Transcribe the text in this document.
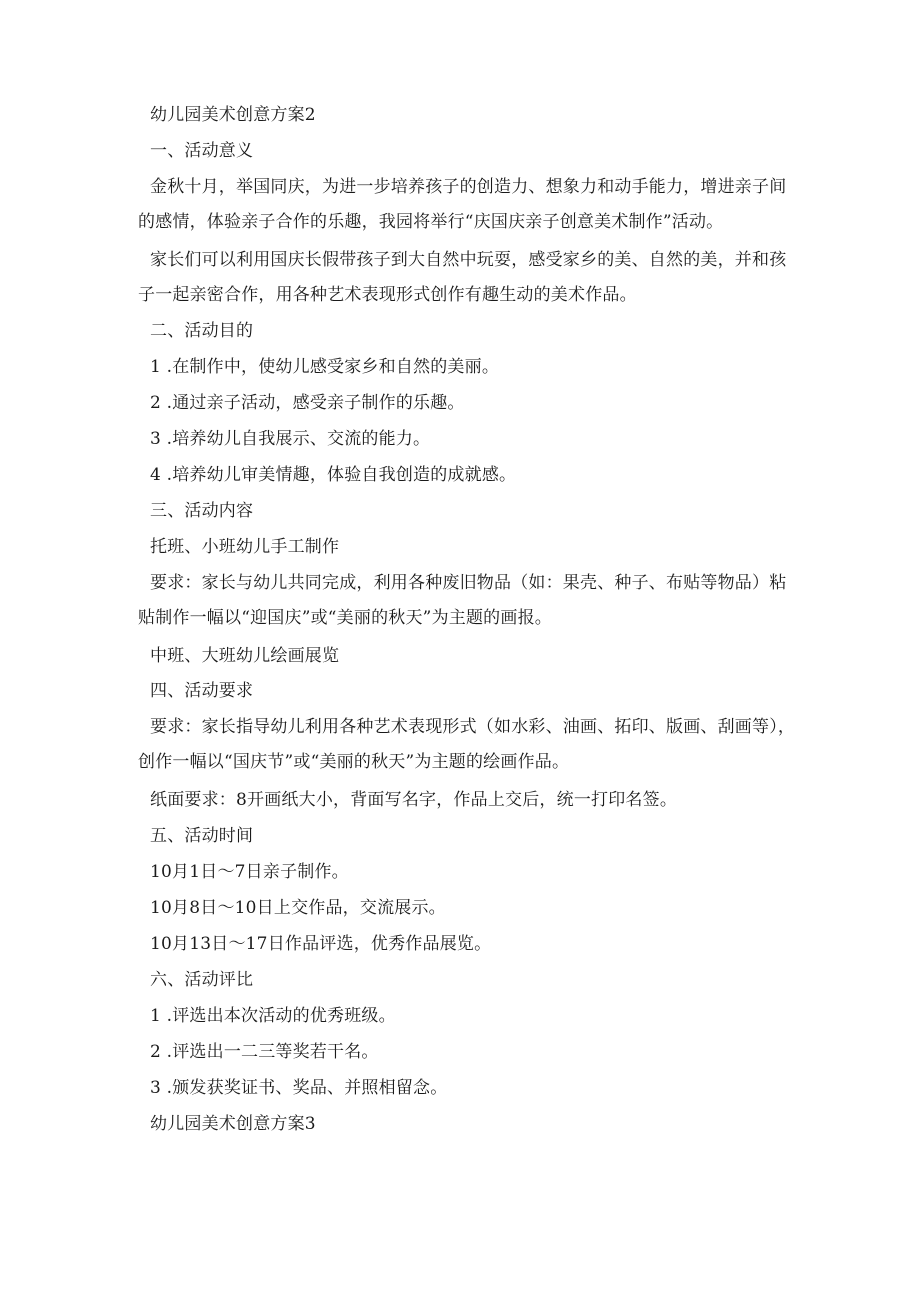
幼儿园美术创意方案2
一、活动意义
金秋十月，举国同庆，为进一步培养孩子的创造力、想象力和动手能力，增进亲子间
的感情，体验亲子合作的乐趣，我园将举行“庆国庆亲子创意美术制作”活动。
家长们可以利用国庆长假带孩子到大自然中玩耍，感受家乡的美、自然的美，并和孩
子一起亲密合作，用各种艺术表现形式创作有趣生动的美术作品。
二、活动目的
1 .在制作中，使幼儿感受家乡和自然的美丽。
2 .通过亲子活动，感受亲子制作的乐趣。
3 .培养幼儿自我展示、交流的能力。
4 .培养幼儿审美情趣，体验自我创造的成就感。
三、活动内容
托班、小班幼儿手工制作
要求：家长与幼儿共同完成，利用各种废旧物品（如：果壳、种子、布贴等物品）粘
贴制作一幅以“迎国庆”或“美丽的秋天”为主题的画报。
中班、大班幼儿绘画展览
四、活动要求
要求：家长指导幼儿利用各种艺术表现形式（如水彩、油画、拓印、版画、刮画等），
创作一幅以“国庆节”或“美丽的秋天”为主题的绘画作品。
纸面要求：8开画纸大小，背面写名字，作品上交后，统一打印名签。
五、活动时间
10月1日～7日亲子制作。
10月8日～10日上交作品，交流展示。
10月13日～17日作品评选，优秀作品展览。
六、活动评比
1 .评选出本次活动的优秀班级。
2 .评选出一二三等奖若干名。
3 .颁发获奖证书、奖品、并照相留念。
幼儿园美术创意方案3
